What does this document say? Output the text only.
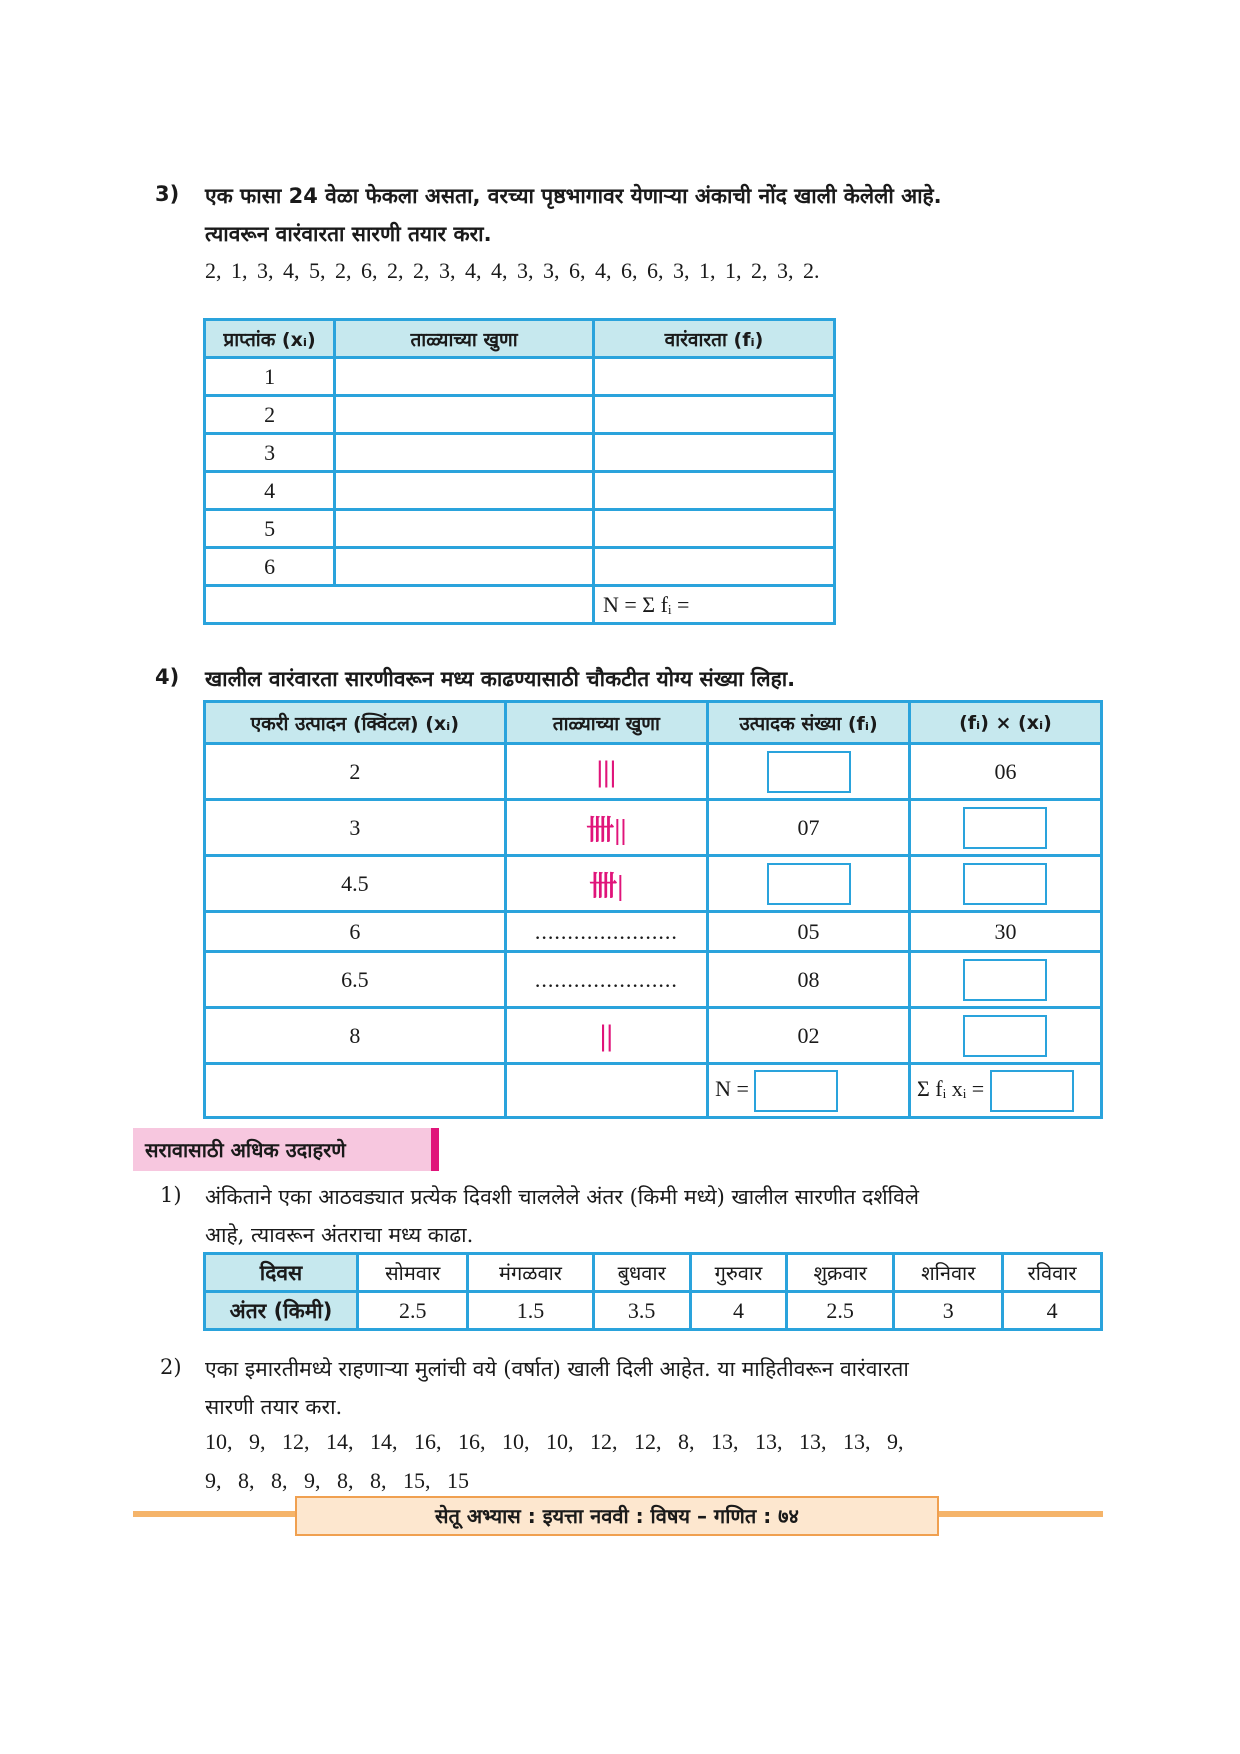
3) एक फासा 24 वेळा फेकला असता, वरच्या पृष्ठभागावर येणाऱ्या अंकाची नोंद खाली केलेली आहे.
त्यावरून वारंवारता सारणी तयार करा.
2, 1, 3, 4, 5, 2, 6, 2, 2, 3, 4, 4, 3, 3, 6, 4, 6, 6, 3, 1, 1, 2, 3, 2.
प्राप्तांक (xᵢ)	ताळ्याच्या खुणा	वारंवारता (fᵢ)
1		
2		
3		
4		
5		
6		
		N = Σ fᵢ =
4) खालील वारंवारता सारणीवरून मध्य काढण्यासाठी चौकटीत योग्य संख्या लिहा.
एकरी उत्पादन (क्विंटल) (xᵢ)	ताळ्याच्या खुणा	उत्पादक संख्या (fᵢ)	(fᵢ) × (xᵢ)
2	|||		06
3	卌||	07	
4.5	卌|		
6	......................	05	30
6.5	......................	08	
8	||	02	
		N =	Σ fᵢ xᵢ =
सरावासाठी अधिक उदाहरणे
1) अंकिताने एका आठवड्यात प्रत्येक दिवशी चाललेले अंतर (किमी मध्ये) खालील सारणीत दर्शविले
आहे, त्यावरून अंतराचा मध्य काढा.
दिवस	सोमवार	मंगळवार	बुधवार	गुरुवार	शुक्रवार	शनिवार	रविवार
अंतर (किमी)	2.5	1.5	3.5	4	2.5	3	4
2) एका इमारतीमध्ये राहणाऱ्या मुलांची वये (वर्षात) खाली दिली आहेत. या माहितीवरून वारंवारता
सारणी तयार करा.
10,   9,   12,   14,   14,   16,   16,   10,   10,   12,   12,   8,   13,   13,   13,   13,   9,
9,   8,   8,   9,   8,   8,   15,   15
सेतू अभ्यास : इयत्ता नववी : विषय – गणित : ७४
